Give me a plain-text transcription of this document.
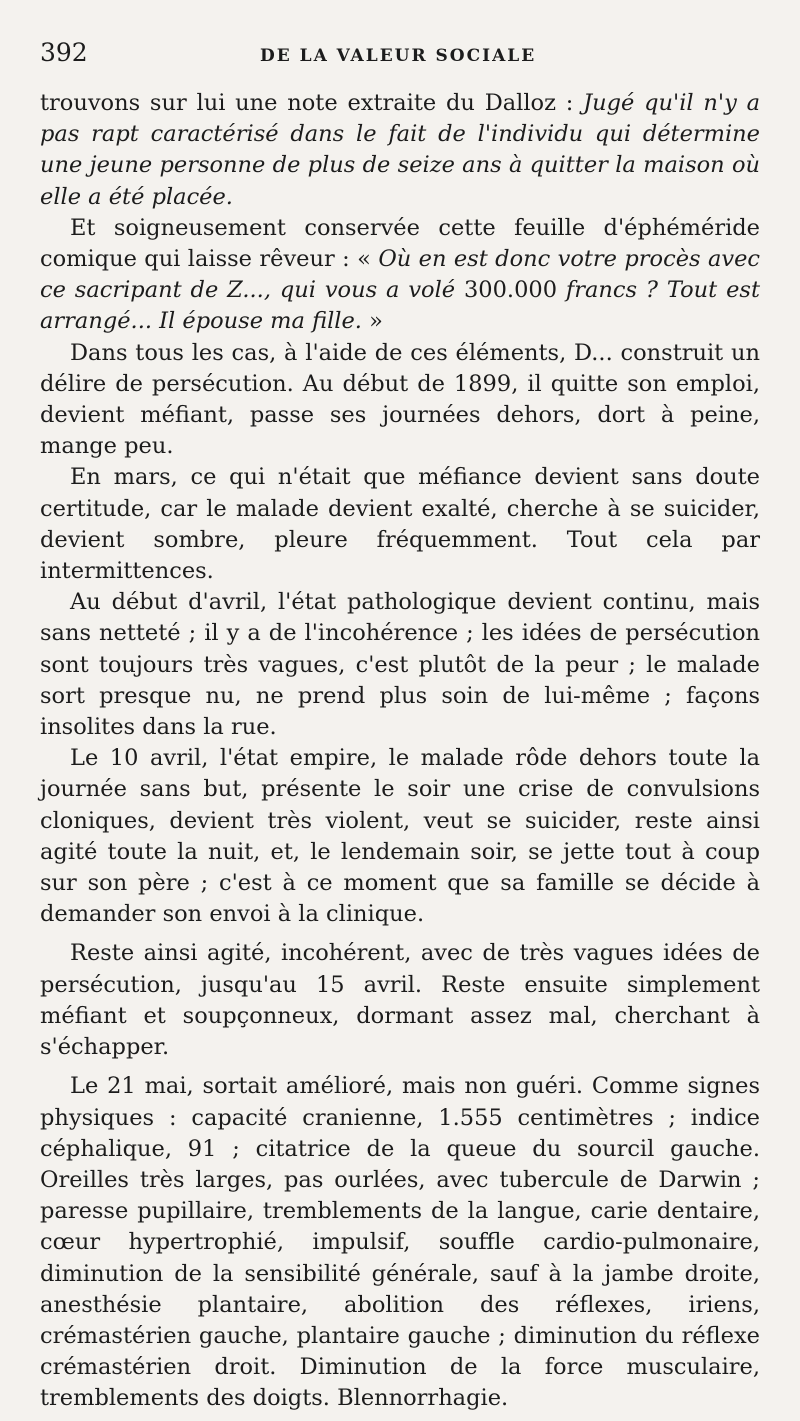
392	DE LA VALEUR SOCIALE

trouvons sur lui une note extraite du Dalloz : Jugé qu'il n'y a pas rapt caractérisé dans le fait de l'individu qui détermine une jeune personne de plus de seize ans à quitter la maison où elle a été placée.

Et soigneusement conservée cette feuille d'éphéméride comique qui laisse rêveur : « Où en est donc votre procès avec ce sacripant de Z..., qui vous a volé 300.000 francs ? Tout est arrangé... Il épouse ma fille. »

Dans tous les cas, à l'aide de ces éléments, D... construit un délire de persécution. Au début de 1899, il quitte son emploi, devient méfiant, passe ses journées dehors, dort à peine, mange peu.

En mars, ce qui n'était que méfiance devient sans doute certitude, car le malade devient exalté, cherche à se suicider, devient sombre, pleure fréquemment. Tout cela par intermittences.

Au début d'avril, l'état pathologique devient continu, mais sans netteté ; il y a de l'incohérence ; les idées de persécution sont toujours très vagues, c'est plutôt de la peur ; le malade sort presque nu, ne prend plus soin de lui-même ; façons insolites dans la rue.

Le 10 avril, l'état empire, le malade rôde dehors toute la journée sans but, présente le soir une crise de convulsions cloniques, devient très violent, veut se suicider, reste ainsi agité toute la nuit, et, le lendemain soir, se jette tout à coup sur son père ; c'est à ce moment que sa famille se décide à demander son envoi à la clinique.

Reste ainsi agité, incohérent, avec de très vagues idées de persécution, jusqu'au 15 avril. Reste ensuite simplement méfiant et soupçonneux, dormant assez mal, cherchant à s'échapper.

Le 21 mai, sortait amélioré, mais non guéri. Comme signes physiques : capacité cranienne, 1.555 centimètres ; indice céphalique, 91 ; citatrice de la queue du sourcil gauche. Oreilles très larges, pas ourlées, avec tubercule de Darwin ; paresse pupillaire, tremblements de la langue, carie dentaire, cœur hypertrophié, impulsif, souffle cardio-pulmonaire, diminution de la sensibilité générale, sauf à la jambe droite, anesthésie plantaire, abolition des réflexes, iriens, crémastérien gauche, plantaire gauche ; diminution du réflexe crémastérien droit. Diminution de la force musculaire, tremblements des doigts. Blennorrhagie.
